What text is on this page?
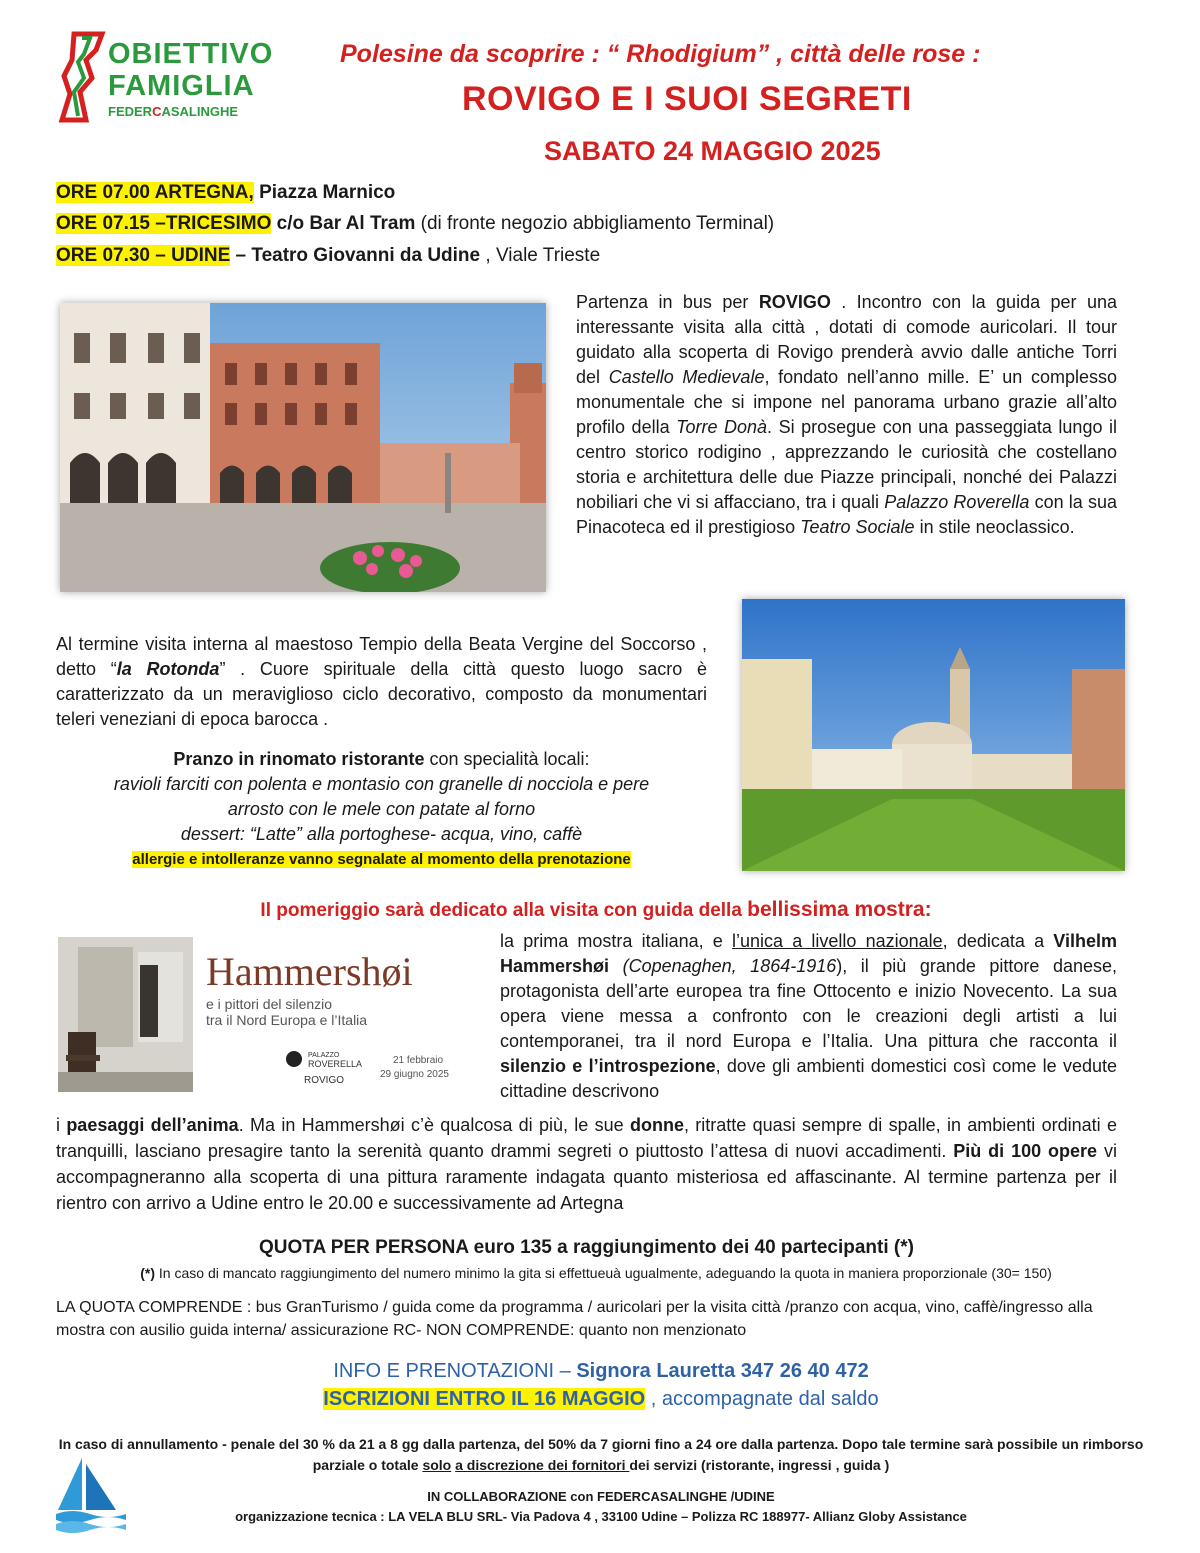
OBIETTIVO
FAMIGLIA
FEDERCASALINGHE
Polesine da scoprire : “ Rhodigium” , città delle rose :
ROVIGO E I SUOI SEGRETI
SABATO 24 MAGGIO 2025
ORE 07.00 ARTEGNA, Piazza Marnico
ORE 07.15 –TRICESIMO c/o Bar Al Tram (di fronte negozio abbigliamento Terminal)
ORE 07.30 – UDINE – Teatro Giovanni da Udine , Viale Trieste
Partenza in bus per ROVIGO . Incontro con la guida per una interessante visita alla città , dotati di comode auricolari. Il tour guidato alla scoperta di Rovigo prenderà avvio dalle antiche Torri del Castello Medievale, fondato nell’anno mille. E’ un complesso monumentale che si impone nel panorama urbano grazie all’alto profilo della Torre Donà. Si prosegue con una passeggiata lungo il centro storico rodigino , apprezzando le curiosità che costellano storia e architettura delle due Piazze principali, nonché dei Palazzi nobiliari che vi si affacciano, tra i quali Palazzo Roverella con la sua Pinacoteca ed il prestigioso Teatro Sociale in stile neoclassico.
Al termine visita interna al maestoso Tempio della Beata Vergine del Soccorso , detto “la Rotonda” . Cuore spirituale della città questo luogo sacro è caratterizzato da un meraviglioso ciclo decorativo, composto da monumentari teleri veneziani di epoca barocca .

Pranzo in rinomato ristorante con specialità locali:

ravioli farciti con polenta e montasio con granelle di nocciola e pere

arrosto con le mele con patate al forno

dessert: “Latte” alla portoghese- acqua, vino, caffè

allergie e intolleranze vanno segnalate al momento della prenotazione

Il pomeriggio sarà dedicato alla visita con guida della bellissima mostra:
Hammershøi
e i pittori del silenzio
tra il Nord Europa e l’Italia
PALAZZO
ROVERELLA
ROVIGO
21 febbraio
29 giugno 2025
la prima mostra italiana, e l’unica a livello nazionale, dedicata a Vilhelm Hammershøi (Copenaghen, 1864-1916), il più grande pittore danese, protagonista dell’arte europea tra fine Ottocento e inizio Novecento. La sua opera viene messa a confronto con le creazioni degli artisti a lui contemporanei, tra il nord Europa e l’Italia. Una pittura che racconta il silenzio e l’introspezione, dove gli ambienti domestici così come le vedute cittadine descrivono
i paesaggi dell’anima. Ma in Hammershøi c’è qualcosa di più, le sue donne, ritratte quasi sempre di spalle, in ambienti ordinati e tranquilli, lasciano presagire tanto la serenità quanto drammi segreti o piuttosto l’attesa di nuovi accadimenti. Più di 100 opere vi accompagneranno alla scoperta di una pittura raramente indagata quanto misteriosa ed affascinante. Al termine partenza per il rientro con arrivo a Udine entro le 20.00 e successivamente ad Artegna
QUOTA PER PERSONA euro 135 a raggiungimento dei 40 partecipanti (*)
(*) In caso di mancato raggiungimento del numero minimo la gita si effettueuà ugualmente, adeguando la quota in maniera proporzionale (30= 150)
LA QUOTA COMPRENDE : bus GranTurismo / guida come da programma / auricolari per la visita città /pranzo con acqua, vino, caffè/ingresso alla mostra con ausilio guida interna/ assicurazione RC- NON COMPRENDE: quanto non menzionato
INFO E PRENOTAZIONI – Signora Lauretta 347 26 40 472
ISCRIZIONI ENTRO IL 16 MAGGIO , accompagnate dal saldo
In caso di annullamento - penale del 30 % da 21 a 8 gg dalla partenza, del 50% da 7 giorni fino a 24 ore dalla partenza. Dopo tale termine sarà possibile un rimborso parziale o totale solo a discrezione dei fornitori dei servizi (ristorante, ingressi , guida )

IN COLLABORAZIONE con FEDERCASALINGHE /UDINE

organizzazione tecnica : LA VELA BLU SRL- Via Padova 4 , 33100 Udine – Polizza RC 188977- Allianz Globy Assistance
